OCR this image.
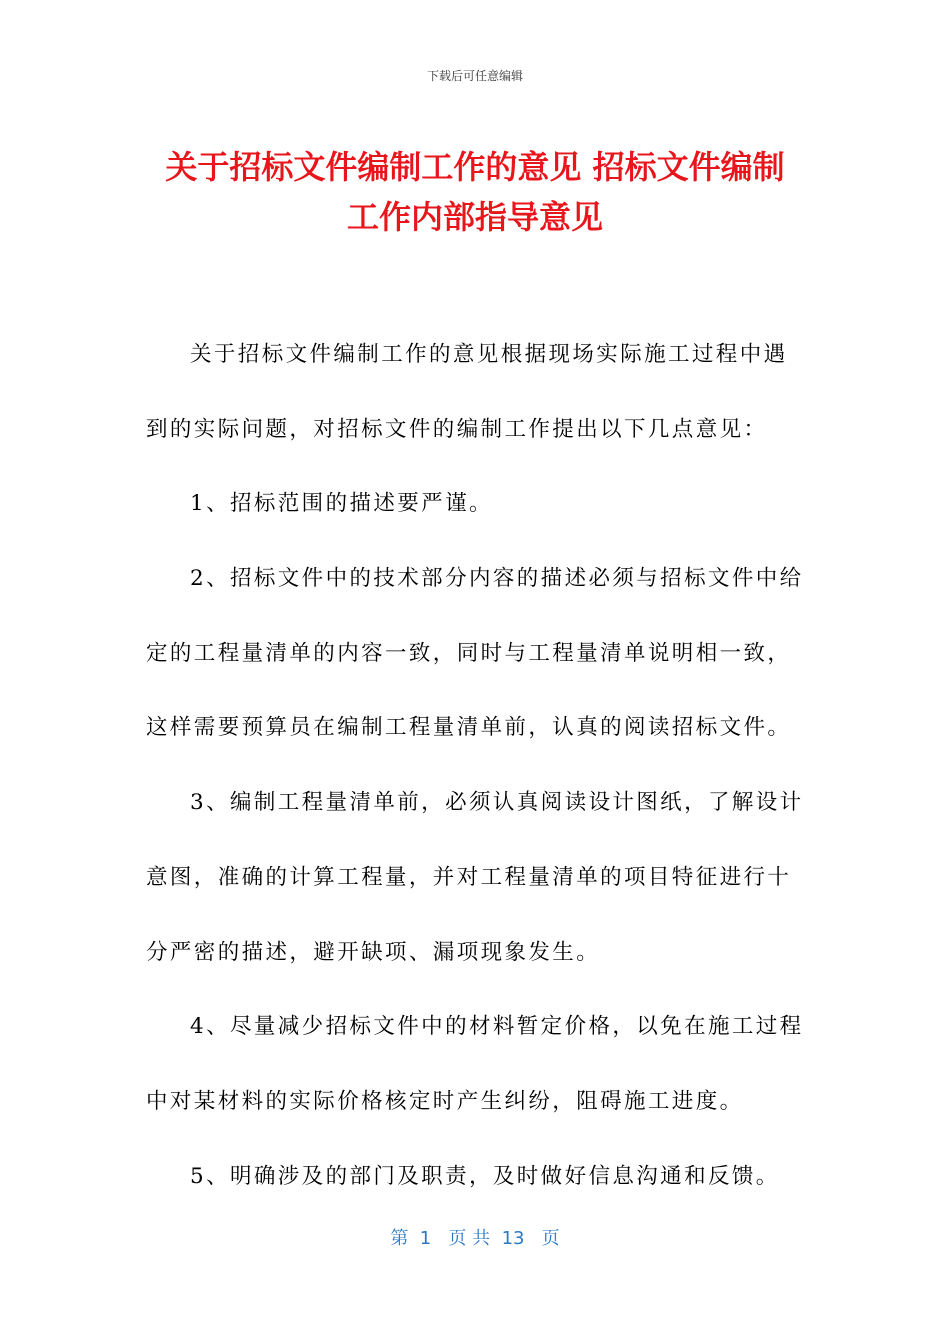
下载后可任意编辑
关于招标文件编制工作的意见 招标文件编制
工作内部指导意见
关于招标文件编制工作的意见根据现场实际施工过程中遇
到的实际问题，对招标文件的编制工作提出以下几点意见：
1、招标范围的描述要严谨。
2、招标文件中的技术部分内容的描述必须与招标文件中给
定的工程量清单的内容一致，同时与工程量清单说明相一致，
这样需要预算员在编制工程量清单前，认真的阅读招标文件。
3、编制工程量清单前，必须认真阅读设计图纸，了解设计
意图，准确的计算工程量，并对工程量清单的项目特征进行十
分严密的描述，避开缺项、漏项现象发生。
4、尽量减少招标文件中的材料暂定价格，以免在施工过程
中对某材料的实际价格核定时产生纠纷，阻碍施工进度。
5、明确涉及的部门及职责，及时做好信息沟通和反馈。
第  1   页 共  13   页
